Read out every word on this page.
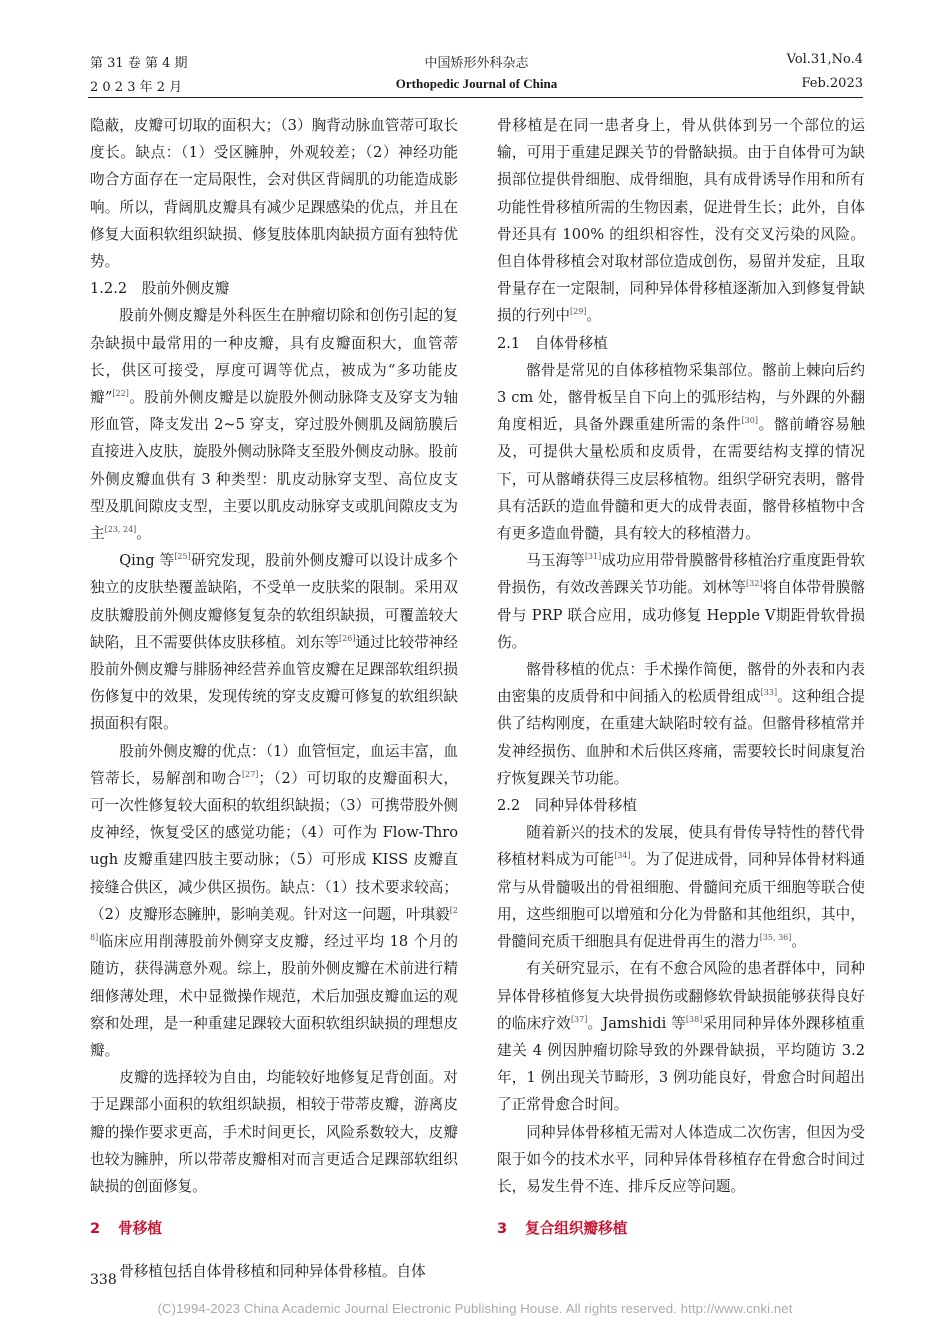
第 31 卷 第 4 期	中国矫形外科杂志	Vol.31,No.4
2 0 2 3 年 2 月	Orthopedic Journal of China	Feb.2023

隐蔽，皮瓣可切取的面积大；（3）胸背动脉血管蒂可取长度长。缺点：（1）受区臃肿，外观较差；（2）神经功能吻合方面存在一定局限性，会对供区背阔肌的功能造成影响。所以，背阔肌皮瓣具有减少足踝感染的优点，并且在修复大面积软组织缺损、修复肢体肌肉缺损方面有独特优势。

1.2.2　股前外侧皮瓣

股前外侧皮瓣是外科医生在肿瘤切除和创伤引起的复杂缺损中最常用的一种皮瓣，具有皮瓣面积大，血管蒂长，供区可接受，厚度可调等优点，被成为“多功能皮瓣”[22]。股前外侧皮瓣是以旋股外侧动脉降支及穿支为轴形血管，降支发出 2~5 穿支，穿过股外侧肌及阔筋膜后直接进入皮肤，旋股外侧动脉降支至股外侧皮动脉。股前外侧皮瓣血供有 3 种类型：肌皮动脉穿支型、高位皮支型及肌间隙皮支型，主要以肌皮动脉穿支或肌间隙皮支为主[23, 24]。

Qing 等[25]研究发现，股前外侧皮瓣可以设计成多个独立的皮肤垫覆盖缺陷，不受单一皮肤桨的限制。采用双皮肤瓣股前外侧皮瓣修复复杂的软组织缺损，可覆盖较大缺陷，且不需要供体皮肤移植。刘东等[26]通过比较带神经股前外侧皮瓣与腓肠神经营养血管皮瓣在足踝部软组织损伤修复中的效果，发现传统的穿支皮瓣可修复的软组织缺损面积有限。

股前外侧皮瓣的优点：（1）血管恒定，血运丰富，血管蒂长，易解剖和吻合[27]；（2）可切取的皮瓣面积大，可一次性修复较大面积的软组织缺损；（3）可携带股外侧皮神经，恢复受区的感觉功能；（4）可作为 Flow-Through 皮瓣重建四肢主要动脉；（5）可形成 KISS 皮瓣直接缝合供区，减少供区损伤。缺点：（1）技术要求较高；（2）皮瓣形态臃肿，影响美观。针对这一问题，叶琪毅[28]临床应用削薄股前外侧穿支皮瓣，经过平均 18 个月的随访，获得满意外观。综上，股前外侧皮瓣在术前进行精细修薄处理，术中显微操作规范，术后加强皮瓣血运的观察和处理，是一种重建足踝较大面积软组织缺损的理想皮瓣。

皮瓣的选择较为自由，均能较好地修复足背创面。对于足踝部小面积的软组织缺损，相较于带蒂皮瓣，游离皮瓣的操作要求更高，手术时间更长，风险系数较大，皮瓣也较为臃肿，所以带蒂皮瓣相对而言更适合足踝部软组织缺损的创面修复。

2 骨移植

骨移植包括自体骨移植和同种异体骨移植。自体

骨移植是在同一患者身上，骨从供体到另一个部位的运输，可用于重建足踝关节的骨骼缺损。由于自体骨可为缺损部位提供骨细胞、成骨细胞，具有成骨诱导作用和所有功能性骨移植所需的生物因素，促进骨生长；此外，自体骨还具有 100% 的组织相容性，没有交叉污染的风险。但自体骨移植会对取材部位造成创伤，易留并发症，且取骨量存在一定限制，同种异体骨移植逐渐加入到修复骨缺损的行列中[29]。

2.1　自体骨移植

髂骨是常见的自体移植物采集部位。髂前上棘向后约 3 cm 处，髂骨板呈自下向上的弧形结构，与外踝的外翻角度相近，具备外踝重建所需的条件[30]。髂前嵴容易触及，可提供大量松质和皮质骨，在需要结构支撑的情况下，可从髂嵴获得三皮层移植物。组织学研究表明，髂骨具有活跃的造血骨髓和更大的成骨表面，髂骨移植物中含有更多造血骨髓，具有较大的移植潜力。

马玉海等[31]成功应用带骨膜髂骨移植治疗重度距骨软骨损伤，有效改善踝关节功能。刘林等[32]将自体带骨膜髂骨与 PRP 联合应用，成功修复 Hepple Ⅴ期距骨软骨损伤。

髂骨移植的优点：手术操作简便，髂骨的外表和内表由密集的皮质骨和中间插入的松质骨组成[33]。这种组合提供了结构刚度，在重建大缺陷时较有益。但髂骨移植常并发神经损伤、血肿和术后供区疼痛，需要较长时间康复治疗恢复踝关节功能。

2.2　同种异体骨移植

随着新兴的技术的发展，使具有骨传导特性的替代骨移植材料成为可能[34]。为了促进成骨，同种异体骨材料通常与从骨髓吸出的骨祖细胞、骨髓间充质干细胞等联合使用，这些细胞可以增殖和分化为骨骼和其他组织，其中，骨髓间充质干细胞具有促进骨再生的潜力[35, 36]。

有关研究显示，在有不愈合风险的患者群体中，同种异体骨移植修复大块骨损伤或翻修软骨缺损能够获得良好的临床疗效[37]。Jamshidi 等[38]采用同种异体外踝移植重建关 4 例因肿瘤切除导致的外踝骨缺损，平均随访 3.2 年，1 例出现关节畸形，3 例功能良好，骨愈合时间超出了正常骨愈合时间。

同种异体骨移植无需对人体造成二次伤害，但因为受限于如今的技术水平，同种异体骨移植存在骨愈合时间过长，易发生骨不连、排斥反应等问题。

3 复合组织瓣移植
338
(C)1994-2023 China Academic Journal Electronic Publishing House. All rights reserved. http://www.cnki.net
